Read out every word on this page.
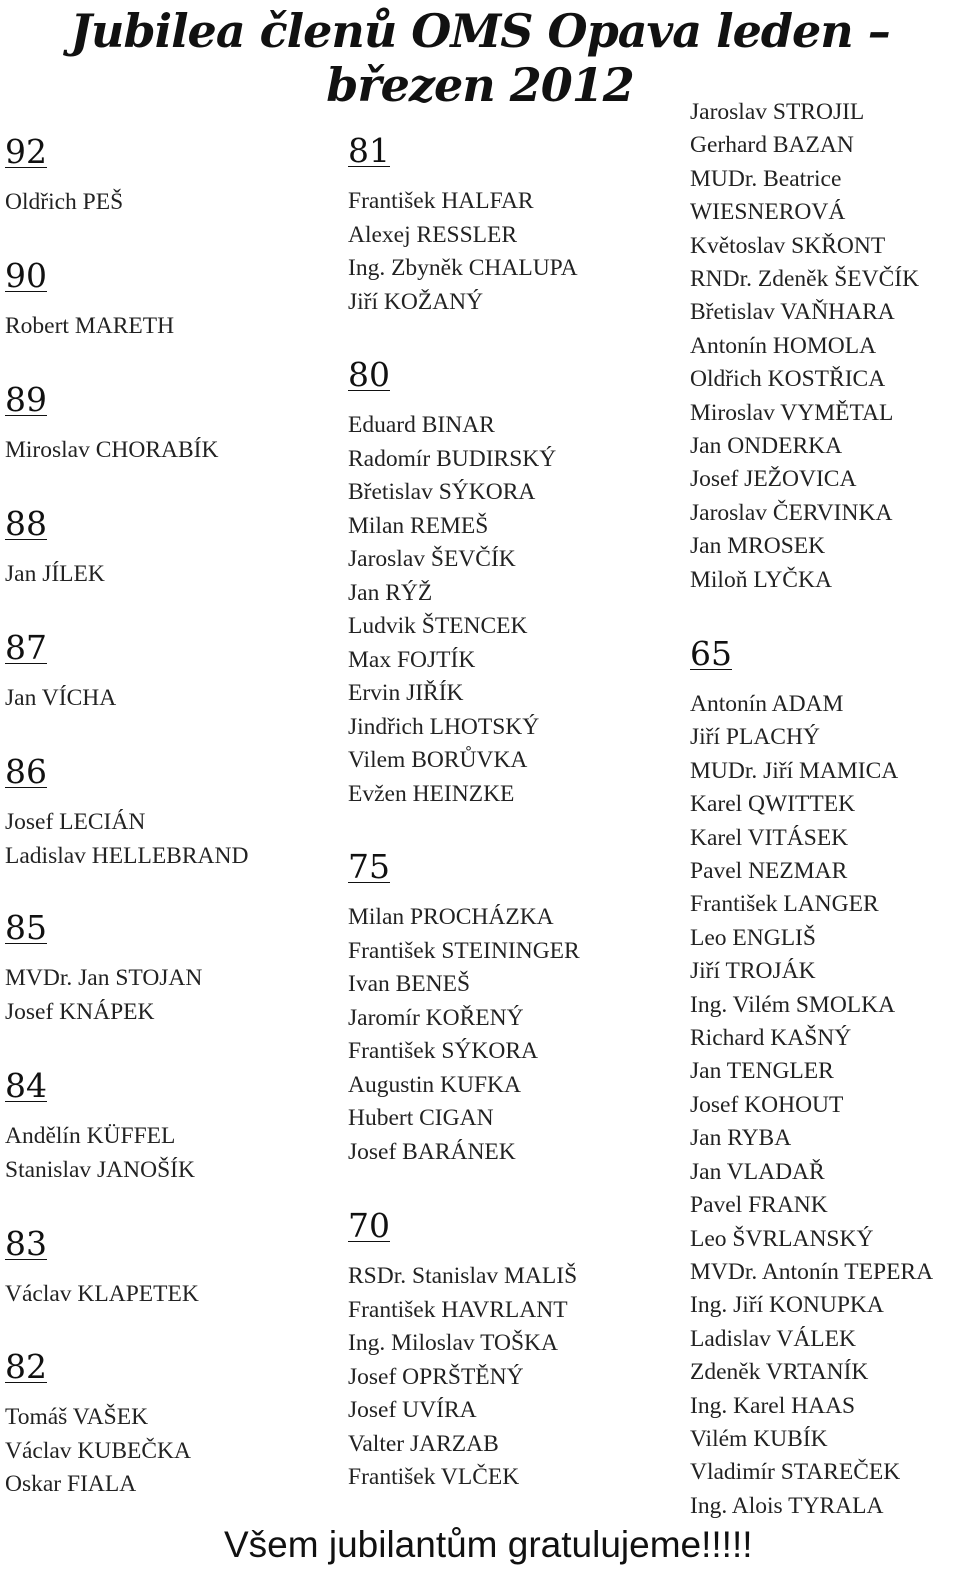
Jubilea členů OMS Opava leden – březen 2012
92
Oldřich PEŠ
90
Robert MARETH
89
Miroslav CHORABÍK
88
Jan JÍLEK
87
Jan VÍCHA
86
Josef LECIÁN
Ladislav HELLEBRAND
85
MVDr. Jan STOJAN
Josef KNÁPEK
84
Andělín KÜFFEL
Stanislav JANOŠÍK
83
Václav KLAPETEK
82
Tomáš VAŠEK
Václav KUBEČKA
Oskar FIALA
81
František HALFAR
Alexej RESSLER
Ing. Zbyněk CHALUPA
Jiří KOŽANÝ
80
Eduard BINAR
Radomír BUDIRSKÝ
Břetislav SÝKORA
Milan REMEŠ
Jaroslav ŠEVČÍK
Jan RÝŽ
Ludvik ŠTENCEK
Max FOJTÍK
Ervin JIŘÍK
Jindřich LHOTSKÝ
Vilem BORŮVKA
Evžen HEINZKE
75
Milan PROCHÁZKA
František STEININGER
Ivan BENEŠ
Jaromír KOŘENÝ
František SÝKORA
Augustin KUFKA
Hubert CIGAN
Josef BARÁNEK
70
RSDr. Stanislav MALIŠ
František HAVRLANT
Ing. Miloslav TOŠKA
Josef OPRŠTĚNÝ
Josef UVÍRA
Valter JARZAB
František VLČEK
Jaroslav STROJIL
Gerhard BAZAN
MUDr. Beatrice
WIESNEROVÁ
Květoslav SKŘONT
RNDr. Zdeněk ŠEVČÍK
Břetislav VAŇHARA
Antonín HOMOLA
Oldřich KOSTŘICA
Miroslav VYMĚTAL
Jan ONDERKA
Josef JEŽOVICA
Jaroslav ČERVINKA
Jan MROSEK
Miloň LYČKA
65
Antonín ADAM
Jiří PLACHÝ
MUDr. Jiří MAMICA
Karel QWITTEK
Karel VITÁSEK
Pavel NEZMAR
František LANGER
Leo ENGLIŠ
Jiří TROJÁK
Ing. Vilém SMOLKA
Richard KAŠNÝ
Jan TENGLER
Josef KOHOUT
Jan RYBA
Jan VLADAŘ
Pavel FRANK
Leo ŠVRLANSKÝ
MVDr. Antonín TEPERA
Ing. Jiří KONUPKA
Ladislav VÁLEK
Zdeněk VRTANÍK
Ing. Karel HAAS
Vilém KUBÍK
Vladimír STAREČEK
Ing. Alois TYRALA
Všem jubilantům gratulujeme!!!!!
